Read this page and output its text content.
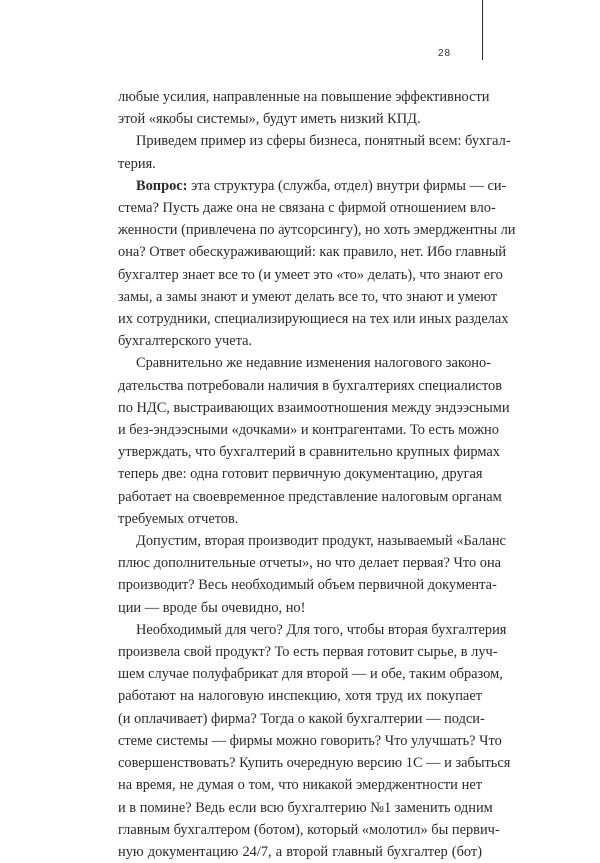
28

любые усилия, направленные на повышение эффективности

этой «якобы системы», будут иметь низкий КПД.

Приведем пример из сферы бизнеса, понятный всем: бухгал-

терия.

Вопрос: эта структура (служба, отдел) внутри фирмы — си-

стема? Пусть даже она не связана с фирмой отношением вло-

женности (привлечена по аутсорсингу), но хоть эмерджентны ли

она? Ответ обескураживающий: как правило, нет. Ибо главный

бухгалтер знает все то (и умеет это «то» делать), что знают его

замы, а замы знают и умеют делать все то, что знают и умеют

их сотрудники, специализирующиеся на тех или иных разделах

бухгалтерского учета.

Сравнительно же недавние изменения налогового законо-

дательства потребовали наличия в бухгалтериях специалистов

по НДС, выстраивающих взаимоотношения между эндээсными

и без-эндээсными «дочками» и контрагентами. То есть можно

утверждать, что бухгалтерий в сравнительно крупных фирмах

теперь две: одна готовит первичную документацию, другая

работает на своевременное представление налоговым органам

требуемых отчетов.

Допустим, вторая производит продукт, называемый «Баланс

плюс дополнительные отчеты», но что делает первая? Что она

производит? Весь необходимый объем первичной документа-

ции — вроде бы очевидно, но!

Необходимый для чего? Для того, чтобы вторая бухгалтерия

произвела свой продукт? То есть первая готовит сырье, в луч-

шем случае полуфабрикат для второй — и обе, таким образом,

работают на налоговую инспекцию, хотя труд их покупает

(и оплачивает) фирма? Тогда о какой бухгалтерии — подси-

стеме системы — фирмы можно говорить? Что улучшать? Что

совершенствовать? Купить очередную версию 1С — и забыться

на время, не думая о том, что никакой эмерджентности нет

и в помине? Ведь если всю бухгалтерию №1 заменить одним

главным бухгалтером (ботом), который «молотил» бы первич-

ную документацию 24/7, а второй главный бухгалтер (бот)
